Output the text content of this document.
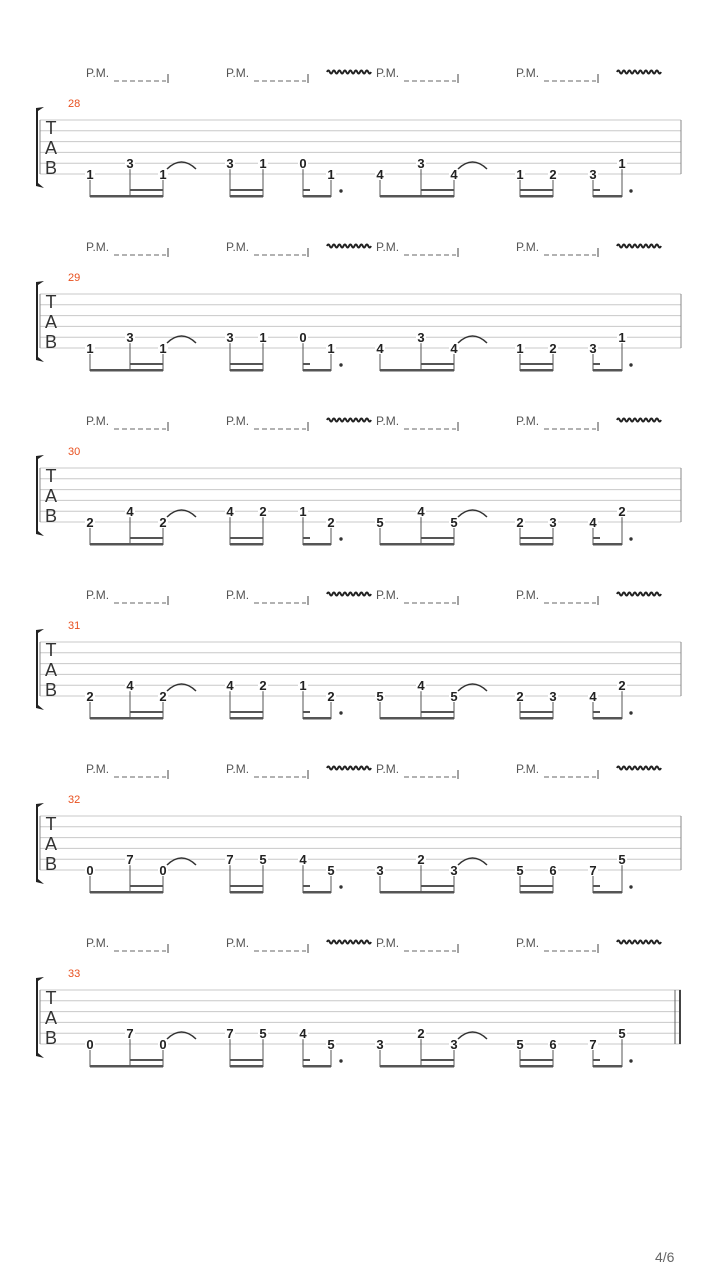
T
A
B
28
P.M.	P.M.	P.M.	P.M.
1
3
1
3 1	0
1	4
3
4	1 2	3
1
T
A
B
29
P.M.	P.M.	P.M.	P.M.
1
3
1
3 1	0
1	4
3
4	1 2	3
1
T
A
B
30
P.M.	P.M.	P.M.	P.M.
2
4
2
4 2	1
2	5
4
5	2 3	4
2
T
A
B
31
P.M.	P.M.	P.M.	P.M.
2
4
2
4 2	1
2	5
4
5	2 3	4
2
T
A
B
32
P.M.	P.M.	P.M.	P.M.
0
7
0
7 5	4
5	3
2
3	5 6	7
5
T
A
B
33
P.M.	P.M.	P.M.	P.M.
0
7
0
7 5	4
5	3
2
3	5 6	7
5
4/6
